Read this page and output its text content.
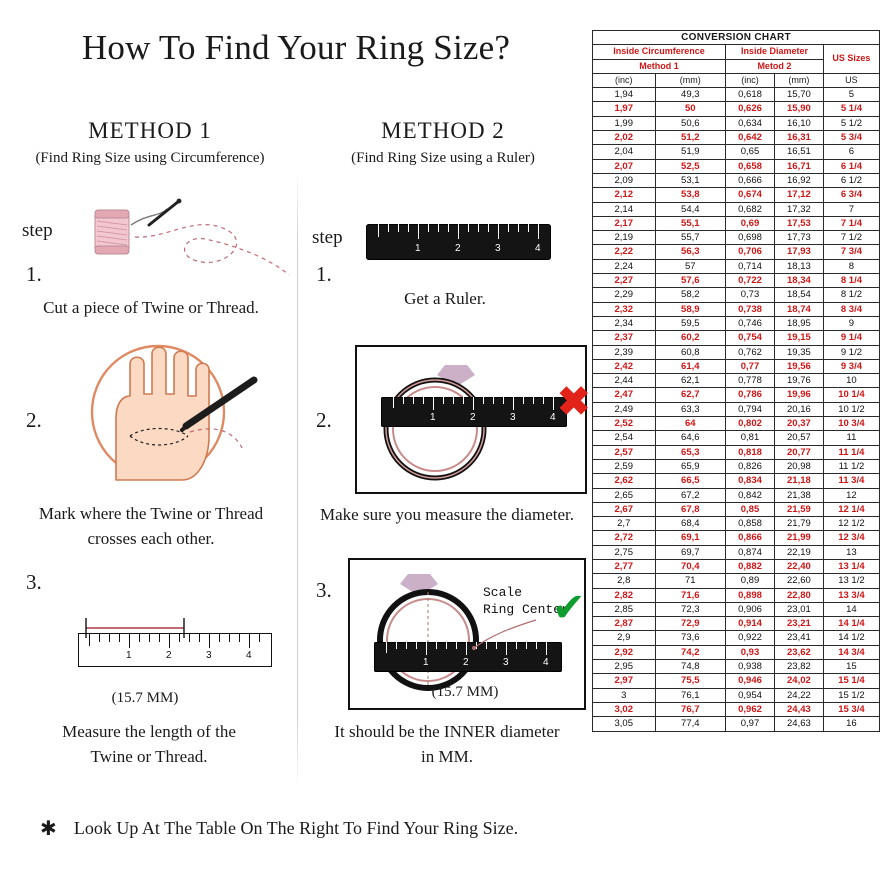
How To Find Your Ring Size?
METHOD 1
(Find Ring Size using Circumference)
METHOD 2
(Find Ring Size using a Ruler)
step
1.
Cut a piece of Twine or Thread.
2.
Mark where the Twine or Thread
crosses each other.
3.
1	2	3	4
(15.7 MM)
Measure the length of the
Twine or Thread.
step
1.
1	2	3	4
Get a Ruler.
2.	1	2	3	4 ✖
Make sure you measure the diameter.
3.
1	2	3	4
Scale
Ring Center
✔
(15.7 MM)
It should be the INNER diameter
in MM.
✱ Look Up At The Table On The Right To Find Your Ring Size.
CONVERSION CHART				
Inside Circumference		Inside Diameter		US Sizes
Method 1		Metod 2		
(inc)	(mm)	(inc)	(mm)	US
1,94	49,3	0,618	15,70	5
1,97	50	0,626	15,90	5 1/4
1,99	50,6	0,634	16,10	5 1/2
2,02	51,2	0,642	16,31	5 3/4
2,04	51,9	0,65	16,51	6
2,07	52,5	0,658	16,71	6 1/4
2,09	53,1	0,666	16,92	6 1/2
2,12	53,8	0,674	17,12	6 3/4
2,14	54,4	0,682	17,32	7
2,17	55,1	0,69	17,53	7 1/4
2,19	55,7	0,698	17,73	7 1/2
2,22	56,3	0,706	17,93	7 3/4
2,24	57	0,714	18,13	8
2,27	57,6	0,722	18,34	8 1/4
2,29	58,2	0,73	18,54	8 1/2
2,32	58,9	0,738	18,74	8 3/4
2,34	59,5	0,746	18,95	9
2,37	60,2	0,754	19,15	9 1/4
2,39	60,8	0,762	19,35	9 1/2
2,42	61,4	0,77	19,56	9 3/4
2,44	62,1	0,778	19,76	10
2,47	62,7	0,786	19,96	10 1/4
2,49	63,3	0,794	20,16	10 1/2
2,52	64	0,802	20,37	10 3/4
2,54	64,6	0,81	20,57	11
2,57	65,3	0,818	20,77	11 1/4
2,59	65,9	0,826	20,98	11 1/2
2,62	66,5	0,834	21,18	11 3/4
2,65	67,2	0,842	21,38	12
2,67	67,8	0,85	21,59	12 1/4
2,7	68,4	0,858	21,79	12 1/2
2,72	69,1	0,866	21,99	12 3/4
2,75	69,7	0,874	22,19	13
2,77	70,4	0,882	22,40	13 1/4
2,8	71	0,89	22,60	13 1/2
2,82	71,6	0,898	22,80	13 3/4
2,85	72,3	0,906	23,01	14
2,87	72,9	0,914	23,21	14 1/4
2,9	73,6	0,922	23,41	14 1/2
2,92	74,2	0,93	23,62	14 3/4
2,95	74,8	0,938	23,82	15
2,97	75,5	0,946	24,02	15 1/4
3	76,1	0,954	24,22	15 1/2
3,02	76,7	0,962	24,43	15 3/4
3,05	77,4	0,97	24,63	16
